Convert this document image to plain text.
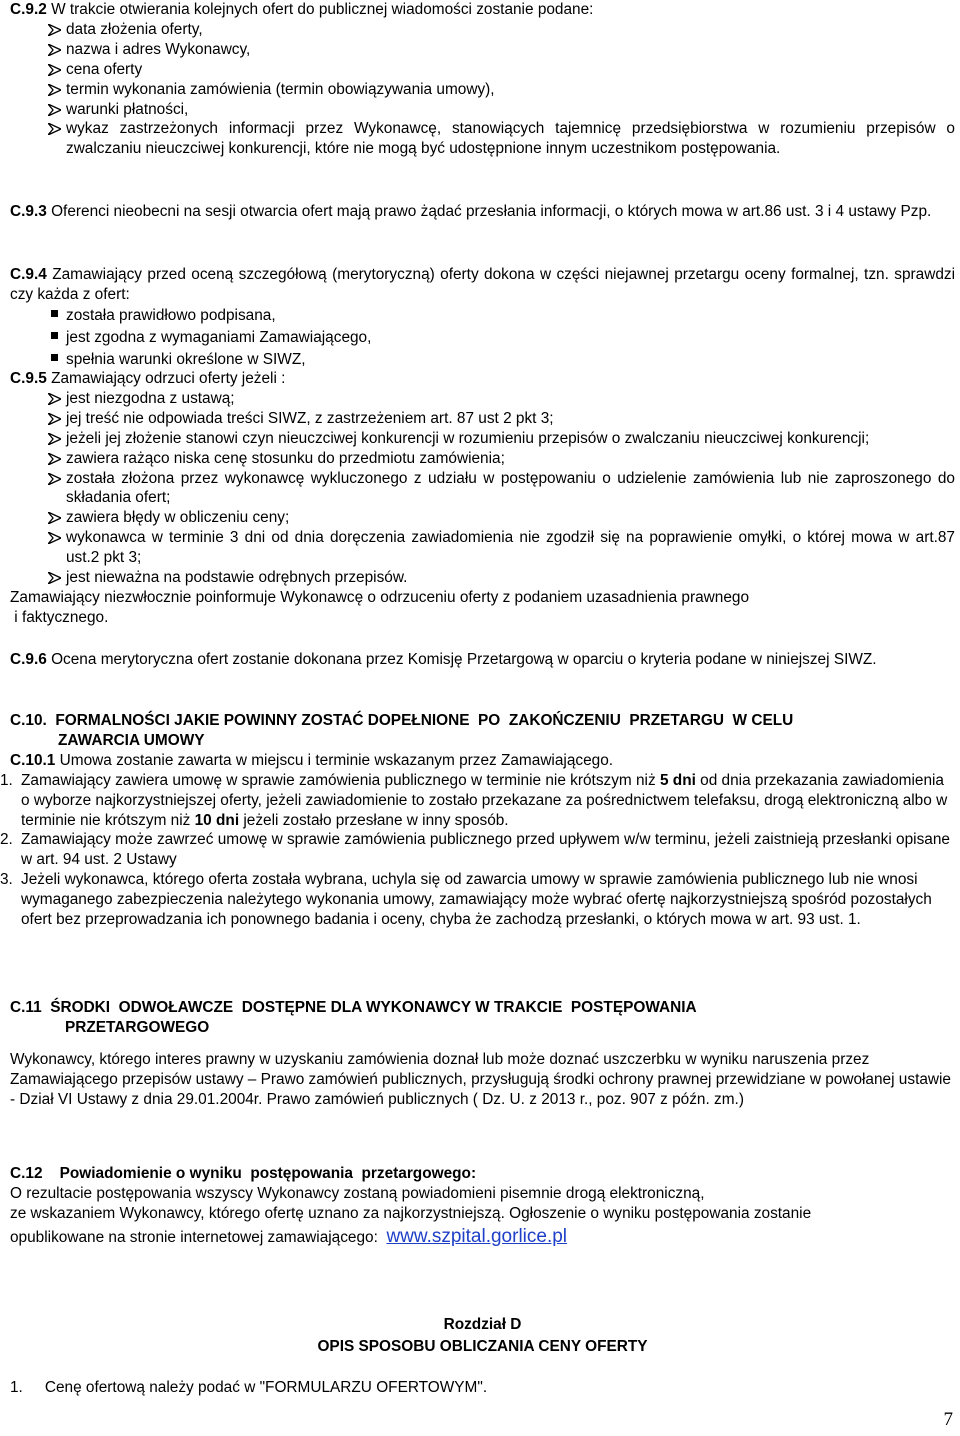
C.9.2 W trakcie otwierania kolejnych ofert do publicznej wiadomości zostanie podane:

data złożenia oferty,
nazwa i adres Wykonawcy,
cena oferty
termin wykonania zamówienia (termin obowiązywania umowy),
warunki płatności,
wykaz zastrzeżonych informacji przez Wykonawcę, stanowiących tajemnicę przedsiębiorstwa w rozumieniu przepisów o zwalczaniu nieuczciwej konkurencji, które nie mogą być udostępnione innym uczestnikom postępowania.

C.9.3 Oferenci nieobecni na sesji otwarcia ofert mają prawo żądać przesłania informacji, o których mowa w art.86 ust. 3 i 4 ustawy Pzp.

C.9.4 Zamawiający przed oceną szczegółową (merytoryczną) oferty dokona w części niejawnej przetargu oceny formalnej, tzn. sprawdzi czy każda z ofert:

została prawidłowo podpisana,
jest zgodna z wymaganiami Zamawiającego,
spełnia warunki określone w SIWZ,

C.9.5 Zamawiający odrzuci oferty jeżeli :

jest niezgodna z ustawą;
jej treść nie odpowiada treści SIWZ, z zastrzeżeniem art. 87 ust 2 pkt 3;
jeżeli jej złożenie stanowi czyn nieuczciwej konkurencji w rozumieniu przepisów o zwalczaniu nieuczciwej konkurencji;
zawiera rażąco niska cenę stosunku do przedmiotu zamówienia;
została złożona przez wykonawcę wykluczonego z udziału w postępowaniu o udzielenie zamówienia lub nie zaproszonego do składania ofert;
zawiera błędy w obliczeniu ceny;
wykonawca w terminie 3 dni od dnia doręczenia zawiadomienia nie zgodził się na poprawienie omyłki, o której mowa w art.87 ust.2 pkt 3;
jest nieważna na podstawie odrębnych przepisów.

Zamawiający niezwłocznie poinformuje Wykonawcę o odrzuceniu oferty z podaniem uzasadnienia prawnego

i faktycznego.

C.9.6 Ocena merytoryczna ofert zostanie dokonana przez Komisję Przetargową w oparciu o kryteria podane w niniejszej SIWZ.

C.10.  FORMALNOŚCI JAKIE POWINNY ZOSTAĆ DOPEŁNIONE  PO  ZAKOŃCZENIU  PRZETARGU  W CELU

ZAWARCIA UMOWY

C.10.1 Umowa zostanie zawarta w miejscu i terminie wskazanym przez Zamawiającego.

1. Zamawiający zawiera umowę w sprawie zamówienia publicznego w terminie nie krótszym niż 5 dni od dnia przekazania zawiadomienia o wyborze najkorzystniejszej oferty, jeżeli zawiadomienie to zostało przekazane za pośrednictwem telefaksu, drogą elektroniczną albo w terminie nie krótszym niż 10 dni jeżeli zostało przesłane w inny sposób.
2. Zamawiający może zawrzeć umowę w sprawie zamówienia publicznego przed upływem w/w terminu, jeżeli zaistnieją przesłanki opisane w art. 94 ust. 2 Ustawy
3. Jeżeli wykonawca, którego oferta została wybrana, uchyla się od zawarcia umowy w sprawie zamówienia publicznego lub nie wnosi wymaganego zabezpieczenia należytego wykonania umowy, zamawiający może wybrać ofertę najkorzystniejszą spośród pozostałych ofert bez przeprowadzania ich ponownego badania i oceny, chyba że zachodzą przesłanki, o których mowa w art. 93 ust. 1.

C.11  ŚRODKI  ODWOŁAWCZE  DOSTĘPNE DLA WYKONAWCY W TRAKCIE  POSTĘPOWANIA

PRZETARGOWEGO

Wykonawcy, którego interes prawny w uzyskaniu zamówienia doznał lub może doznać uszczerbku w wyniku naruszenia przez Zamawiającego przepisów ustawy – Prawo zamówień publicznych, przysługują środki ochrony prawnej przewidziane w powołanej ustawie - Dział VI Ustawy z dnia 29.01.2004r. Prawo zamówień publicznych ( Dz. U. z 2013 r., poz. 907 z późn. zm.)

C.12    Powiadomienie o wyniku  postępowania  przetargowego:

O rezultacie postępowania wszyscy Wykonawcy zostaną powiadomieni pisemnie drogą elektroniczną,

ze wskazaniem Wykonawcy, którego ofertę uznano za najkorzystniejszą. Ogłoszenie o wyniku postępowania zostanie

opublikowane na stronie internetowej zamawiającego:  www.szpital.gorlice.pl

Rozdział D

OPIS SPOSOBU OBLICZANIA CENY OFERTY

1. Cenę ofertową należy podać w "FORMULARZU OFERTOWYM".

7
